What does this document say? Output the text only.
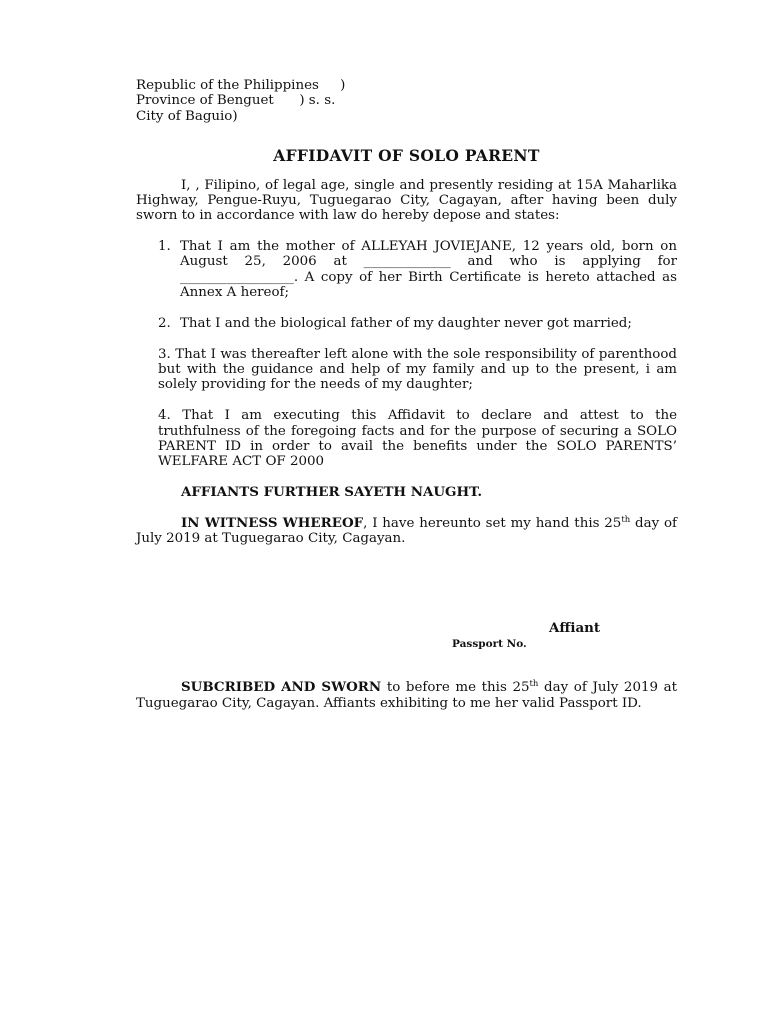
Republic of the Philippines     )
Province of Benguet      ) s. s.
City of Baguio)
AFFIDAVIT OF SOLO PARENT

I, , Filipino, of legal age, single and presently residing at 15A Maharlika Highway, Pengue-Ruyu, Tuguegarao City, Cagayan, after having been duly sworn to in accordance with law do hereby depose and states:

1. That I am the mother of ALLEYAH JOVIEJANE, 12 years old, born on August 25, 2006 at _____________ and who is applying for _________________. A copy of her Birth Certificate is hereto attached as Annex A hereof;
2. That I and the biological father of my daughter never got married;
3. That I was thereafter left alone with the sole responsibility of parenthood but with the guidance and help of my family and up to the present, i am solely providing for the needs of my daughter;
4. That I am executing this Affidavit to declare and attest to the truthfulness of the foregoing facts and for the purpose of securing a SOLO PARENT ID in order to avail the benefits under the SOLO PARENTS’ WELFARE ACT OF 2000
AFFIANTS FURTHER SAYETH NAUGHT.

IN WITNESS WHEREOF, I have hereunto set my hand this 25th day of July 2019 at Tuguegarao City, Cagayan.

Affiant
Passport No.

SUBCRIBED AND SWORN to before me this 25th day of July 2019 at Tuguegarao City, Cagayan. Affiants exhibiting to me her valid Passport ID.
